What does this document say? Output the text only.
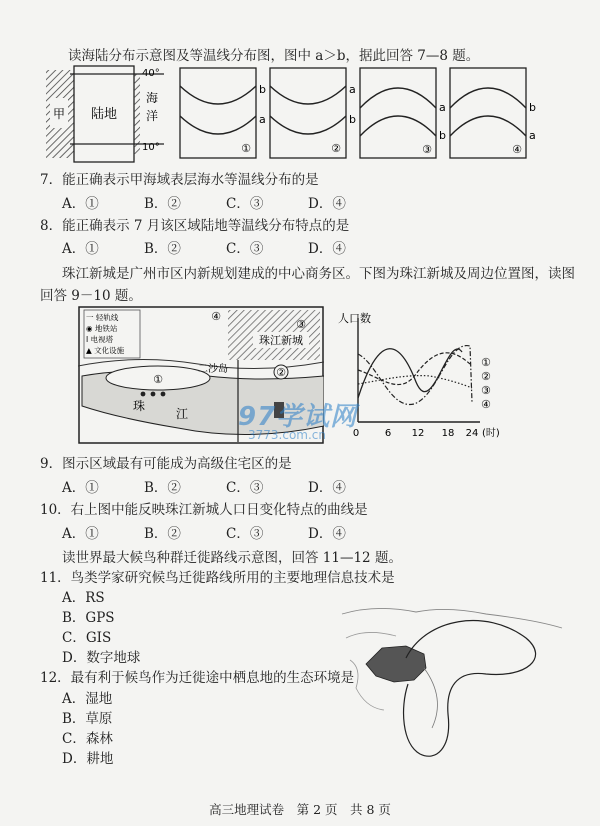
读海陆分布示意图及等温线分布图，图中 a＞b，据此回答 7—8 题。
甲 陆地
40°
10°
海
洋
b
a
①
a
b
②
a
b
③
b
a
④
7．能正确表示甲海域表层海水等温线分布的是
A．①	B．②	C．③	D．④
8．能正确表示 7 月该区域陆地等温线分布特点的是
A．①	B．②	C．③	D．④
珠江新城是广州市区内新规划建成的中心商务区。下图为珠江新城及周边位置图，读图
回答 9－10 题。
珠江新城
一 轻轨线
◉ 地铁站
I 电视塔
▲ 文化设施
①
二沙岛
珠
江
②
③
④	人口数
①
②
③
④
0	6 12 18 24 (时)
97学试网
3773.com.cn
9．图示区域最有可能成为高级住宅区的是
A．①	B．②	C．③	D．④
10．右上图中能反映珠江新城人口日变化特点的曲线是
A．①	B．②	C．③	D．④
读世界最大候鸟种群迁徙路线示意图，回答 11—12 题。
11．鸟类学家研究候鸟迁徙路线所用的主要地理信息技术是
A．RS
B．GPS
C．GIS
D．数字地球
12．最有利于候鸟作为迁徙途中栖息地的生态环境是
A．湿地
B．草原
C．森林
D．耕地
高三地理试卷　第 2 页　共 8 页
